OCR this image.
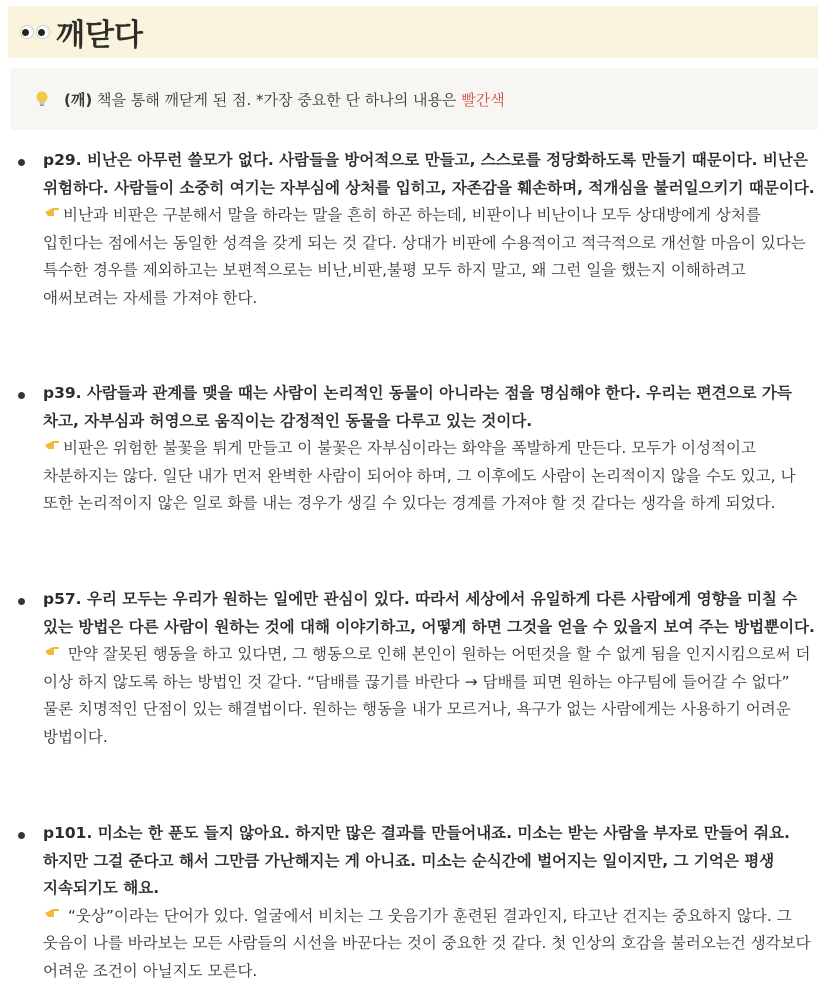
깨닫다
(깨) 책을 통해 깨닫게 된 점. *가장 중요한 단 하나의 내용은 빨간색
p29. 비난은 아무런 쓸모가 없다. 사람들을 방어적으로 만들고, 스스로를 정당화하도록 만들기 때문이다. 비난은 위험하다. 사람들이 소중히 여기는 자부심에 상처를 입히고, 자존감을 훼손하며, 적개심을 불러일으키기 때문이다.
비난과 비판은 구분해서 말을 하라는 말을 흔히 하곤 하는데, 비판이나 비난이나 모두 상대방에게 상처를 입힌다는 점에서는 동일한 성격을 갖게 되는 것 같다. 상대가 비판에 수용적이고 적극적으로 개선할 마음이 있다는 특수한 경우를 제외하고는 보편적으로는 비난,비판,불평 모두 하지 말고, 왜 그런 일을 했는지 이해하려고 애써보려는 자세를 가져야 한다.
p39. 사람들과 관계를 맺을 때는 사람이 논리적인 동물이 아니라는 점을 명심해야 한다. 우리는 편견으로 가득 차고, 자부심과 허영으로 움직이는 감정적인 동물을 다루고 있는 것이다.
비판은 위험한 불꽃을 튀게 만들고 이 불꽃은 자부심이라는 화약을 폭발하게 만든다. 모두가 이성적이고 차분하지는 않다. 일단 내가 먼저 완벽한 사람이 되어야 하며, 그 이후에도 사람이 논리적이지 않을 수도 있고, 나 또한 논리적이지 않은 일로 화를 내는 경우가 생길 수 있다는 경계를 가져야 할 것 같다는 생각을 하게 되었다.
p57. 우리 모두는 우리가 원하는 일에만 관심이 있다. 따라서 세상에서 유일하게 다른 사람에게 영향을 미칠 수 있는 방법은 다른 사람이 원하는 것에 대해 이야기하고, 어떻게 하면 그것을 얻을 수 있을지 보여 주는 방법뿐이다.
만약 잘못된 행동을 하고 있다면, 그 행동으로 인해 본인이 원하는 어떤것을 할 수 없게 됨을 인지시킴으로써 더 이상 하지 않도록 하는 방법인 것 같다. “담배를 끊기를 바란다 → 담배를 피면 원하는 야구팀에 들어갈 수 없다” 물론 치명적인 단점이 있는 해결법이다. 원하는 행동을 내가 모르거나, 욕구가 없는 사람에게는 사용하기 어려운 방법이다.
p101. 미소는 한 푼도 들지 않아요. 하지만 많은 결과를 만들어내죠. 미소는 받는 사람을 부자로 만들어 줘요. 하지만 그걸 준다고 해서 그만큼 가난해지는 게 아니죠. 미소는 순식간에 벌어지는 일이지만, 그 기억은 평생 지속되기도 해요.
“웃상”이라는 단어가 있다. 얼굴에서 비치는 그 웃음기가 훈련된 결과인지, 타고난 건지는 중요하지 않다. 그 웃음이 나를 바라보는 모든 사람들의 시선을 바꾼다는 것이 중요한 것 같다. 첫 인상의 호감을 불러오는건 생각보다 어려운 조건이 아닐지도 모른다.
